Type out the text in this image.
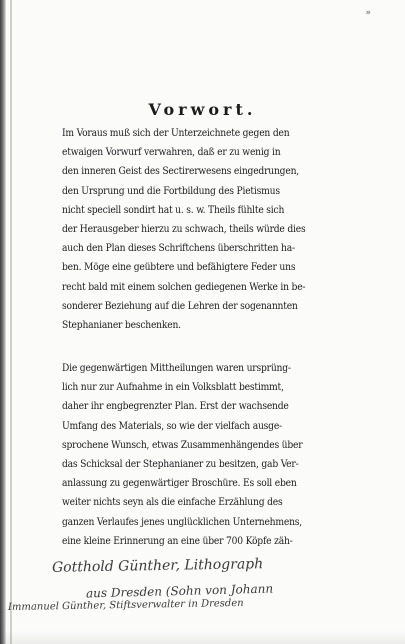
»
Vorwort.
Im Voraus muß sich der Unterzeichnete gegen den
etwaigen Vorwurf verwahren, daß er zu wenig in
den inneren Geist des Sectirerwesens eingedrungen,
den Ursprung und die Fortbildung des Pietismus
nicht speciell sondirt hat u. s. w. Theils fühlte sich
der Herausgeber hierzu zu schwach, theils würde dies
auch den Plan dieses Schriftchens überschritten ha-
ben. Möge eine geübtere und befähigtere Feder uns
recht bald mit einem solchen gediegenen Werke in be-
sonderer Beziehung auf die Lehren der sogenannten
Stephanianer beschenken.
Die gegenwärtigen Mittheilungen waren ursprüng-
lich nur zur Aufnahme in ein Volksblatt bestimmt,
daher ihr engbegrenzter Plan. Erst der wachsende
Umfang des Materials, so wie der vielfach ausge-
sprochene Wunsch, etwas Zusammenhängendes über
das Schicksal der Stephanianer zu besitzen, gab Ver-
anlassung zu gegenwärtiger Broschüre. Es soll eben
weiter nichts seyn als die einfache Erzählung des
ganzen Verlaufes jenes unglücklichen Unternehmens,
eine kleine Erinnerung an eine über 700 Köpfe zäh-
Gotthold Günther, Lithograph
aus Dresden (Sohn von Johann
Immanuel Günther, Stiftsverwalter in Dresden
